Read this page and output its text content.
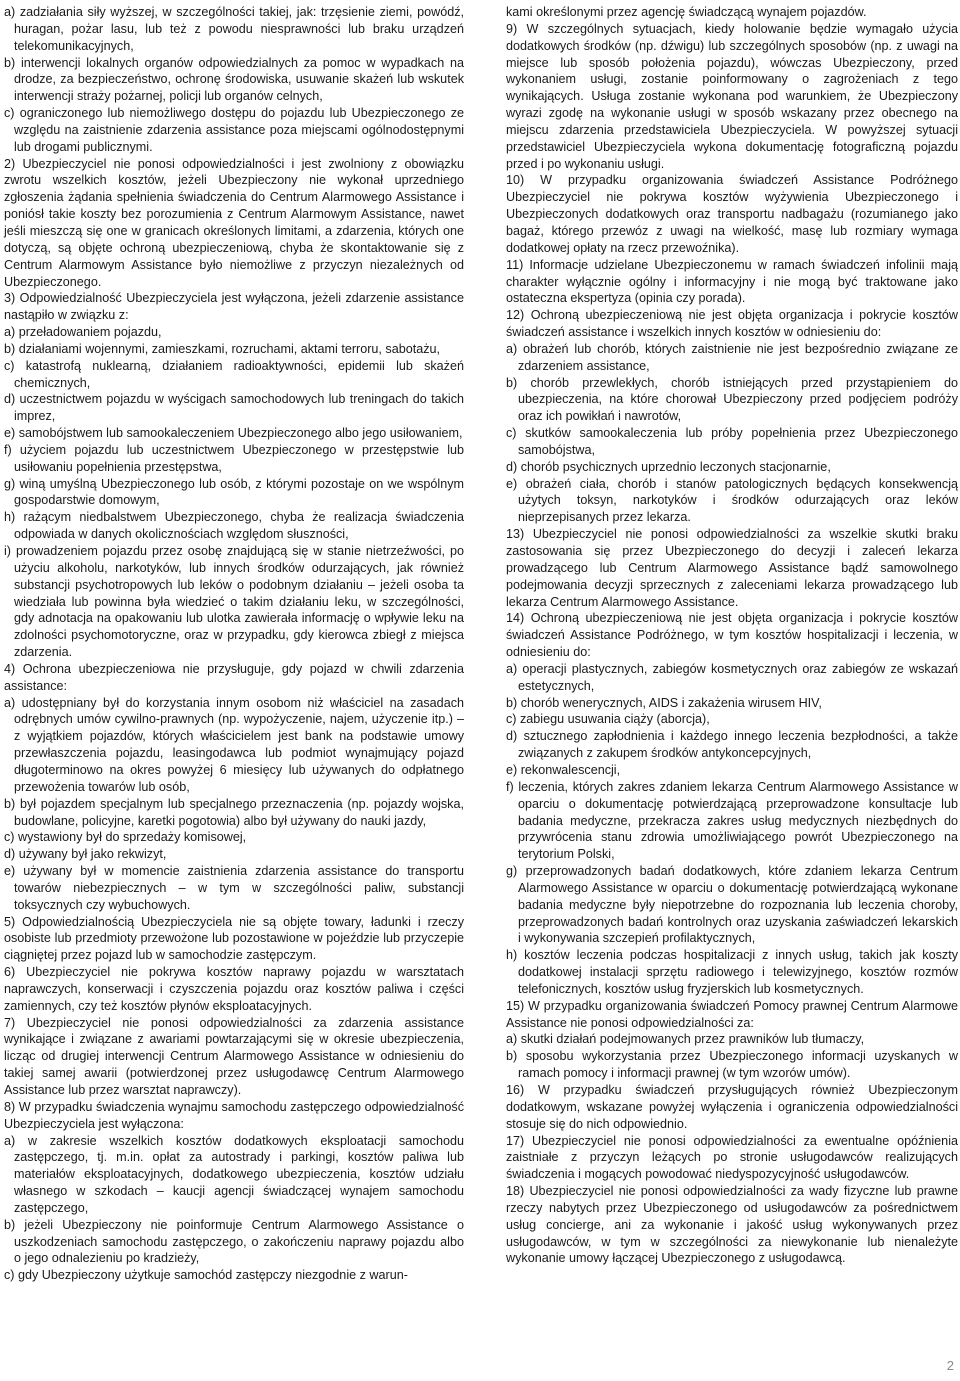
a) zadziałania siły wyższej, w szczególności takiej, jak: trzęsienie ziemi, powódź, huragan, pożar lasu, lub też z powodu niesprawności lub braku urządzeń telekomunikacyjnych,

b) interwencji lokalnych organów odpowiedzialnych za pomoc w wypadkach na drodze, za bezpieczeństwo, ochronę środowiska, usuwanie skażeń lub wskutek interwencji straży pożarnej, policji lub organów celnych,

c) ograniczonego lub niemożliwego dostępu do pojazdu lub Ubezpieczonego ze względu na zaistnienie zdarzenia assistance poza miejscami ogólnodostępnymi lub drogami publicznymi.

2) Ubezpieczyciel nie ponosi odpowiedzialności i jest zwolniony z obowiązku zwrotu wszelkich kosztów, jeżeli Ubezpieczony nie wykonał uprzedniego zgłoszenia żądania spełnienia świadczenia do Centrum Alarmowego Assistance i poniósł takie koszty bez porozumienia z Centrum Alarmowym Assistance, nawet jeśli mieszczą się one w granicach określonych limitami, a zdarzenia, których one dotyczą, są objęte ochroną ubezpieczeniową, chyba że skontaktowanie się z Centrum Alarmowym Assistance było niemożliwe z przyczyn niezależnych od Ubezpieczonego.

3) Odpowiedzialność Ubezpieczyciela jest wyłączona, jeżeli zdarzenie assistance nastąpiło w związku z:

a) przeładowaniem pojazdu,

b) działaniami wojennymi, zamieszkami, rozruchami, aktami terroru, sabotażu,

c) katastrofą nuklearną, działaniem radioaktywności, epidemii lub skażeń chemicznych,

d) uczestnictwem pojazdu w wyścigach samochodowych lub treningach do takich imprez,

e) samobójstwem lub samookaleczeniem Ubezpieczonego albo jego usiłowaniem,

f) użyciem pojazdu lub uczestnictwem Ubezpieczonego w przestępstwie lub usiłowaniu popełnienia przestępstwa,

g) winą umyślną Ubezpieczonego lub osób, z którymi pozostaje on we wspólnym gospodarstwie domowym,

h) rażącym niedbalstwem Ubezpieczonego, chyba że realizacja świadczenia odpowiada w danych okolicznościach względom słuszności,

i) prowadzeniem pojazdu przez osobę znajdującą się w stanie nietrzeźwości, po użyciu alkoholu, narkotyków, lub innych środków odurzających, jak również substancji psychotropowych lub leków o podobnym działaniu – jeżeli osoba ta wiedziała lub powinna była wiedzieć o takim działaniu leku, w szczególności, gdy adnotacja na opakowaniu lub ulotka zawierała informację o wpływie leku na zdolności psychomotoryczne, oraz w przypadku, gdy kierowca zbiegł z miejsca zdarzenia.

4) Ochrona ubezpieczeniowa nie przysługuje, gdy pojazd w chwili zdarzenia assistance:

a) udostępniany był do korzystania innym osobom niż właściciel na zasadach odrębnych umów cywilno-prawnych (np. wypożyczenie, najem, użyczenie itp.) – z wyjątkiem pojazdów, których właścicielem jest bank na podstawie umowy przewłaszczenia pojazdu, leasingodawca lub podmiot wynajmujący pojazd długoterminowo na okres powyżej 6 miesięcy lub używanych do odpłatnego przewożenia towarów lub osób,

b) był pojazdem specjalnym lub specjalnego przeznaczenia (np. pojazdy wojska, budowlane, policyjne, karetki pogotowia) albo był używany do nauki jazdy,

c) wystawiony był do sprzedaży komisowej,

d) używany był jako rekwizyt,

e) używany był w momencie zaistnienia zdarzenia assistance do transportu towarów niebezpiecznych – w tym w szczególności paliw, substancji toksycznych czy wybuchowych.

5) Odpowiedzialnością Ubezpieczyciela nie są objęte towary, ładunki i rzeczy osobiste lub przedmioty przewożone lub pozostawione w pojeździe lub przyczepie ciągniętej przez pojazd lub w samochodzie zastępczym.

6) Ubezpieczyciel nie pokrywa kosztów naprawy pojazdu w warsztatach naprawczych, konserwacji i czyszczenia pojazdu oraz kosztów paliwa i części zamiennych, czy też kosztów płynów eksploatacyjnych.

7) Ubezpieczyciel nie ponosi odpowiedzialności za zdarzenia assistance wynikające i związane z awariami powtarzającymi się w okresie ubezpieczenia, licząc od drugiej interwencji Centrum Alarmowego Assistance w odniesieniu do takiej samej awarii (potwierdzonej przez usługodawcę Centrum Alarmowego Assistance lub przez warsztat naprawczy).

8) W przypadku świadczenia wynajmu samochodu zastępczego odpowiedzialność Ubezpieczyciela jest wyłączona:

a) w zakresie wszelkich kosztów dodatkowych eksploatacji samochodu zastępczego, tj. m.in. opłat za autostrady i parkingi, kosztów paliwa lub materiałów eksploatacyjnych, dodatkowego ubezpieczenia, kosztów udziału własnego w szkodach – kaucji agencji świadczącej wynajem samochodu zastępczego,

b) jeżeli Ubezpieczony nie poinformuje Centrum Alarmowego Assistance o uszkodzeniach samochodu zastępczego, o zakończeniu naprawy pojazdu albo o jego odnalezieniu po kradzieży,

c) gdy Ubezpieczony użytkuje samochód zastępczy niezgodnie z warun-

kami określonymi przez agencję świadczącą wynajem pojazdów.

9) W szczególnych sytuacjach, kiedy holowanie będzie wymagało użycia dodatkowych środków (np. dźwigu) lub szczególnych sposobów (np. z uwagi na miejsce lub sposób położenia pojazdu), wówczas Ubezpieczony, przed wykonaniem usługi, zostanie poinformowany o zagrożeniach z tego wynikających. Usługa zostanie wykonana pod warunkiem, że Ubezpieczony wyrazi zgodę na wykonanie usługi w sposób wskazany przez obecnego na miejscu zdarzenia przedstawiciela Ubezpieczyciela. W powyższej sytuacji przedstawiciel Ubezpieczyciela wykona dokumentację fotograficzną pojazdu przed i po wykonaniu usługi.

10) W przypadku organizowania świadczeń Assistance Podróżnego Ubezpieczyciel nie pokrywa kosztów wyżywienia Ubezpieczonego i Ubezpieczonych dodatkowych oraz transportu nadbagażu (rozumianego jako bagaż, którego przewóz z uwagi na wielkość, masę lub rozmiary wymaga dodatkowej opłaty na rzecz przewoźnika).

11) Informacje udzielane Ubezpieczonemu w ramach świadczeń infolinii mają charakter wyłącznie ogólny i informacyjny i nie mogą być traktowane jako ostateczna ekspertyza (opinia czy porada).

12) Ochroną ubezpieczeniową nie jest objęta organizacja i pokrycie kosztów świadczeń assistance i wszelkich innych kosztów w odniesieniu do:

a) obrażeń lub chorób, których zaistnienie nie jest bezpośrednio związane ze zdarzeniem assistance,

b) chorób przewlekłych, chorób istniejących przed przystąpieniem do ubezpieczenia, na które chorował Ubezpieczony przed podjęciem podróży oraz ich powikłań i nawrotów,

c) skutków samookaleczenia lub próby popełnienia przez Ubezpieczonego samobójstwa,

d) chorób psychicznych uprzednio leczonych stacjonarnie,

e) obrażeń ciała, chorób i stanów patologicznych będących konsekwencją użytych toksyn, narkotyków i środków odurzających oraz leków nieprzepisanych przez lekarza.

13) Ubezpieczyciel nie ponosi odpowiedzialności za wszelkie skutki braku zastosowania się przez Ubezpieczonego do decyzji i zaleceń lekarza prowadzącego lub Centrum Alarmowego Assistance bądź samowolnego podejmowania decyzji sprzecznych z zaleceniami lekarza prowadzącego lub lekarza Centrum Alarmowego Assistance.

14) Ochroną ubezpieczeniową nie jest objęta organizacja i pokrycie kosztów świadczeń Assistance Podróżnego, w tym kosztów hospitalizacji i leczenia, w odniesieniu do:

a) operacji plastycznych, zabiegów kosmetycznych oraz zabiegów ze wskazań estetycznych,

b) chorób wenerycznych, AIDS i zakażenia wirusem HIV,

c) zabiegu usuwania ciąży (aborcja),

d) sztucznego zapłodnienia i każdego innego leczenia bezpłodności, a także związanych z zakupem środków antykoncepcyjnych,

e) rekonwalescencji,

f) leczenia, których zakres zdaniem lekarza Centrum Alarmowego Assistance w oparciu o dokumentację potwierdzającą przeprowadzone konsultacje lub badania medyczne, przekracza zakres usług medycznych niezbędnych do przywrócenia stanu zdrowia umożliwiającego powrót Ubezpieczonego na terytorium Polski,

g) przeprowadzonych badań dodatkowych, które zdaniem lekarza Centrum Alarmowego Assistance w oparciu o dokumentację potwierdzającą wykonane badania medyczne były niepotrzebne do rozpoznania lub leczenia choroby, przeprowadzonych badań kontrolnych oraz uzyskania zaświadczeń lekarskich i wykonywania szczepień profilaktycznych,

h) kosztów leczenia podczas hospitalizacji z innych usług, takich jak koszty dodatkowej instalacji sprzętu radiowego i telewizyjnego, kosztów rozmów telefonicznych, kosztów usług fryzjerskich lub kosmetycznych.

15) W przypadku organizowania świadczeń Pomocy prawnej Centrum Alarmowe Assistance nie ponosi odpowiedzialności za:

a) skutki działań podejmowanych przez prawników lub tłumaczy,

b) sposobu wykorzystania przez Ubezpieczonego informacji uzyskanych w ramach pomocy i informacji prawnej (w tym wzorów umów).

16) W przypadku świadczeń przysługujących również Ubezpieczonym dodatkowym, wskazane powyżej wyłączenia i ograniczenia odpowiedzialności stosuje się do nich odpowiednio.

17) Ubezpieczyciel nie ponosi odpowiedzialności za ewentualne opóźnienia zaistniałe z przyczyn leżących po stronie usługodawców realizujących świadczenia i mogących powodować niedyspozycyjność usługodawców.

18) Ubezpieczyciel nie ponosi odpowiedzialności za wady fizyczne lub prawne rzeczy nabytych przez Ubezpieczonego od usługodawców za pośrednictwem usług concierge, ani za wykonanie i jakość usług wykonywanych przez usługodawców, w tym w szczególności za niewykonanie lub nienależyte wykonanie umowy łączącej Ubezpieczonego z usługodawcą.

2
